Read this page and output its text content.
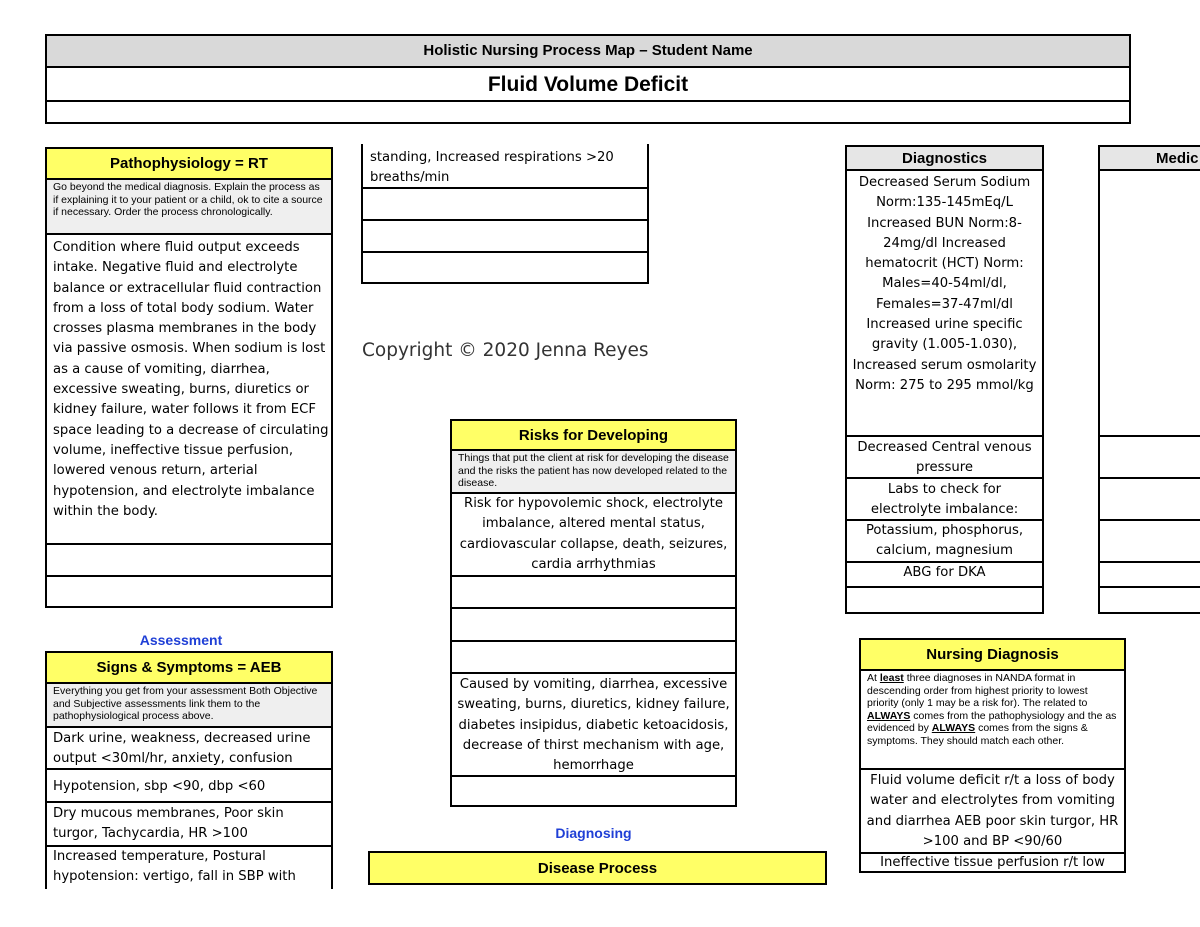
Holistic Nursing Process Map – Student Name
Fluid Volume Deficit
Pathophysiology = RT
Go beyond the medical diagnosis. Explain the process as if explaining it to your patient or a child, ok to cite a source if necessary. Order the process chronologically.
Condition where fluid output exceeds intake. Negative fluid and electrolyte balance or extracellular fluid contraction from a loss of total body sodium. Water crosses plasma membranes in the body via passive osmosis. When sodium is lost as a cause of vomiting, diarrhea, excessive sweating, burns, diuretics or kidney failure, water follows it from ECF space leading to a decrease of circulating volume, ineffective tissue perfusion, lowered venous return, arterial hypotension, and electrolyte imbalance within the body.
Assessment
Signs & Symptoms = AEB
Everything you get from your assessment Both Objective and Subjective assessments link them to the pathophysiological process above.
Dark urine, weakness, decreased urine output <30ml/hr, anxiety, confusion
Hypotension, sbp <90, dbp <60
Dry mucous membranes, Poor skin turgor, Tachycardia, HR >100
Increased temperature, Postural hypotension: vertigo, fall in SBP with
standing, Increased respirations >20 breaths/min
Copyright © 2020 Jenna Reyes
Risks for Developing
Things that put the client at risk for developing the disease and the risks the patient has now developed related to the disease.
Risk for hypovolemic shock, electrolyte imbalance, altered mental status, cardiovascular collapse, death, seizures, cardia arrhythmias
Caused by vomiting, diarrhea, excessive sweating, burns, diuretics, kidney failure, diabetes insipidus, diabetic ketoacidosis, decrease of thirst mechanism with age, hemorrhage
Diagnosing
Disease Process
Diagnostics
Decreased Serum Sodium Norm:135-145mEq/L Increased BUN Norm:8-24mg/dl Increased hematocrit (HCT) Norm: Males=40-54ml/dl, Females=37-47ml/dl Increased urine specific gravity (1.005-1.030), Increased serum osmolarity Norm: 275 to 295 mmol/kg
Decreased Central venous pressure
Labs to check for electrolyte imbalance:
Potassium, phosphorus, calcium, magnesium
ABG for DKA
Medic
Nursing Diagnosis
At least three diagnoses in NANDA format in descending order from highest priority to lowest priority (only 1 may be a risk for). The related to ALWAYS comes from the pathophysiology and the as evidenced by ALWAYS comes from the signs & symptoms. They should match each other.
Fluid volume deficit r/t a loss of body water and electrolytes from vomiting and diarrhea AEB poor skin turgor, HR >100 and BP <90/60
Ineffective tissue perfusion r/t low
